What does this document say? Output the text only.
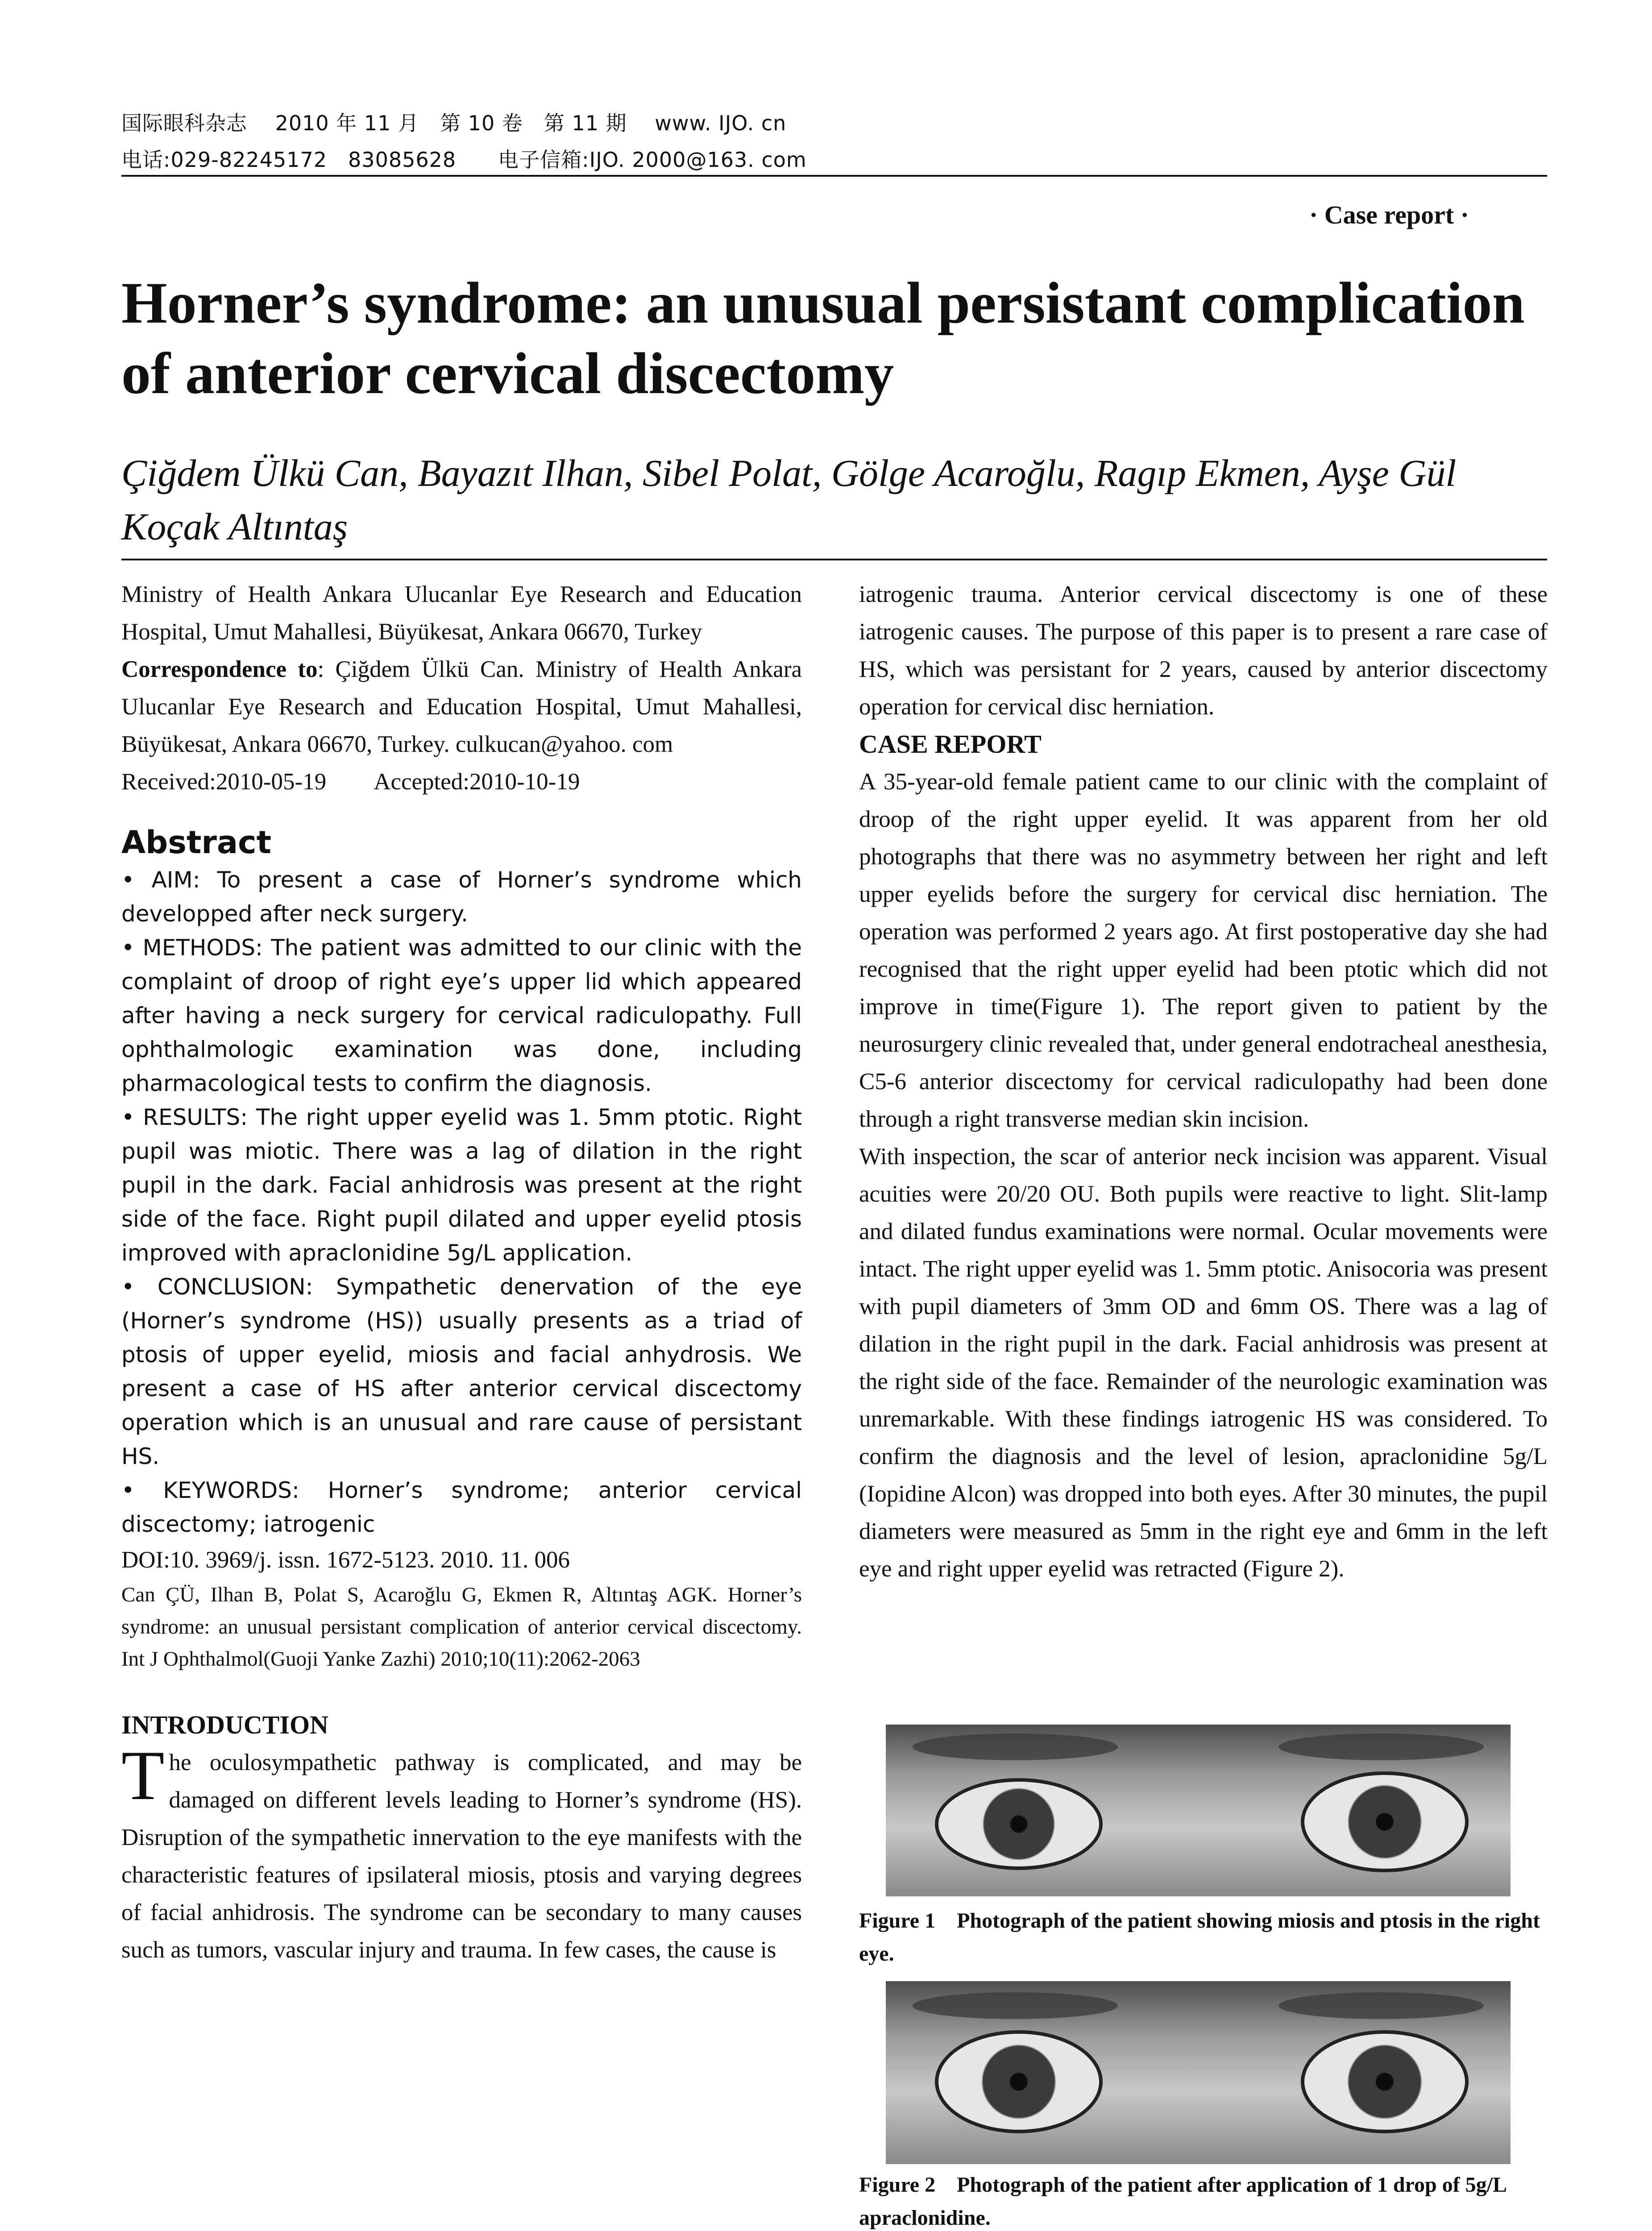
国际眼科杂志　 2010 年 11 月　第 10 卷　第 11 期　 www. IJO. cn
电话:029-82245172　83085628　　电子信箱:IJO. 2000@163. com
· Case report ·
Horner’s syndrome: an unusual persistant complication of anterior cervical discectomy
Çiğdem Ülkü Can, Bayazıt Ilhan, Sibel Polat, Gölge Acaroğlu, Ragıp Ekmen, Ayşe Gül Koçak Altıntaş

Ministry of Health Ankara Ulucanlar Eye Research and Education Hospital, Umut Mahallesi, Büyükesat, Ankara 06670, Turkey

Correspondence to: Çiğdem Ülkü Can. Ministry of Health Ankara Ulucanlar Eye Research and Education Hospital, Umut Mahallesi, Büyükesat, Ankara 06670, Turkey. culkucan@yahoo. com

Received:2010-05-19 Accepted:2010-10-19

Abstract

• AIM: To present a case of Horner’s syndrome which developped after neck surgery.

• METHODS: The patient was admitted to our clinic with the complaint of droop of right eye’s upper lid which appeared after having a neck surgery for cervical radiculopathy. Full ophthalmologic examination was done, including pharmacological tests to confirm the diagnosis.

• RESULTS: The right upper eyelid was 1. 5mm ptotic. Right pupil was miotic. There was a lag of dilation in the right pupil in the dark. Facial anhidrosis was present at the right side of the face. Right pupil dilated and upper eyelid ptosis improved with apraclonidine 5g/L application.

• CONCLUSION: Sympathetic denervation of the eye (Horner’s syndrome (HS)) usually presents as a triad of ptosis of upper eyelid, miosis and facial anhydrosis. We present a case of HS after anterior cervical discectomy operation which is an unusual and rare cause of persistant HS.

• KEYWORDS: Horner’s syndrome; anterior cervical discectomy; iatrogenic

DOI:10. 3969/j. issn. 1672-5123. 2010. 11. 006

Can ÇÜ, Ilhan B, Polat S, Acaroğlu G, Ekmen R, Altıntaş AGK. Horner’s syndrome: an unusual persistant complication of anterior cervical discectomy. Int J Ophthalmol(Guoji Yanke Zazhi) 2010;10(11):2062-2063

INTRODUCTION

The oculosympathetic pathway is complicated, and may be damaged on different levels leading to Horner’s syndrome (HS). Disruption of the sympathetic innervation to the eye manifests with the characteristic features of ipsilateral miosis, ptosis and varying degrees of facial anhidrosis. The syndrome can be secondary to many causes such as tumors, vascular injury and trauma. In few cases, the cause is

iatrogenic trauma. Anterior cervical discectomy is one of these iatrogenic causes. The purpose of this paper is to present a rare case of HS, which was persistant for 2 years, caused by anterior discectomy operation for cervical disc herniation.

CASE REPORT

A 35-year-old female patient came to our clinic with the complaint of droop of the right upper eyelid. It was apparent from her old photographs that there was no asymmetry between her right and left upper eyelids before the surgery for cervical disc herniation. The operation was performed 2 years ago. At first postoperative day she had recognised that the right upper eyelid had been ptotic which did not improve in time(Figure 1). The report given to patient by the neurosurgery clinic revealed that, under general endotracheal anesthesia, C5-6 anterior discectomy for cervical radiculopathy had been done through a right transverse median skin incision.

With inspection, the scar of anterior neck incision was apparent. Visual acuities were 20/20 OU. Both pupils were reactive to light. Slit-lamp and dilated fundus examinations were normal. Ocular movements were intact. The right upper eyelid was 1. 5mm ptotic. Anisocoria was present with pupil diameters of 3mm OD and 6mm OS. There was a lag of dilation in the right pupil in the dark. Facial anhidrosis was present at the right side of the face. Remainder of the neurologic examination was unremarkable. With these findings iatrogenic HS was considered. To confirm the diagnosis and the level of lesion, apraclonidine 5g/L (Iopidine Alcon) was dropped into both eyes. After 30 minutes, the pupil diameters were measured as 5mm in the right eye and 6mm in the left eye and right upper eyelid was retracted (Figure 2).

Figure 1　Photograph of the patient showing miosis and ptosis in the right eye.
Figure 2　Photograph of the patient after application of 1 drop of 5g/L apraclonidine.
